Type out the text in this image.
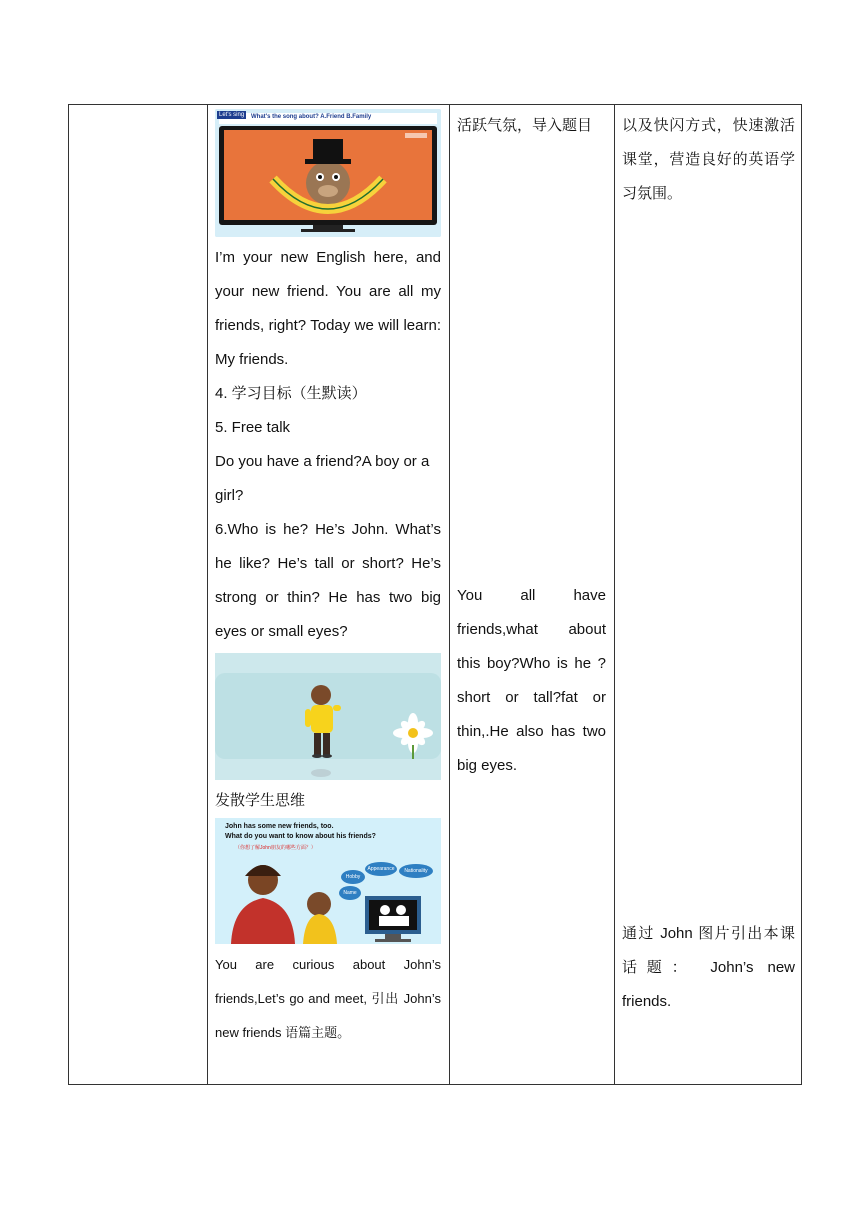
Let's sing	What's the song about? A.Friend B.Family
I’m your new English here, and your new friend. You are all my friends, right? Today we will learn: My friends.
4. 学习目标（生默读）
5. Free talk
Do you have a friend?A boy or a girl?
6.Who is he? He’s John. What’s he like? He’s tall or short? He’s strong or thin? He has two big eyes or small eyes?
发散学生思维
John has some new friends, too.
What do you want to know about his friends?
（你想了解John朋友的哪些方面？）
Appearance	Nationality
Hobby
Name
You are curious about John’s friends,Let’s go and meet, 引出 John’s new friends 语篇主题。
活跃气氛，导入题目
You all have friends,what about this boy?Who is he ? short or tall?fat or thin,.He also has two big eyes.
以及快闪方式，快速激活课堂，营造良好的英语学习氛围。
通过 John 图片引出本课话题： John’s new friends.
